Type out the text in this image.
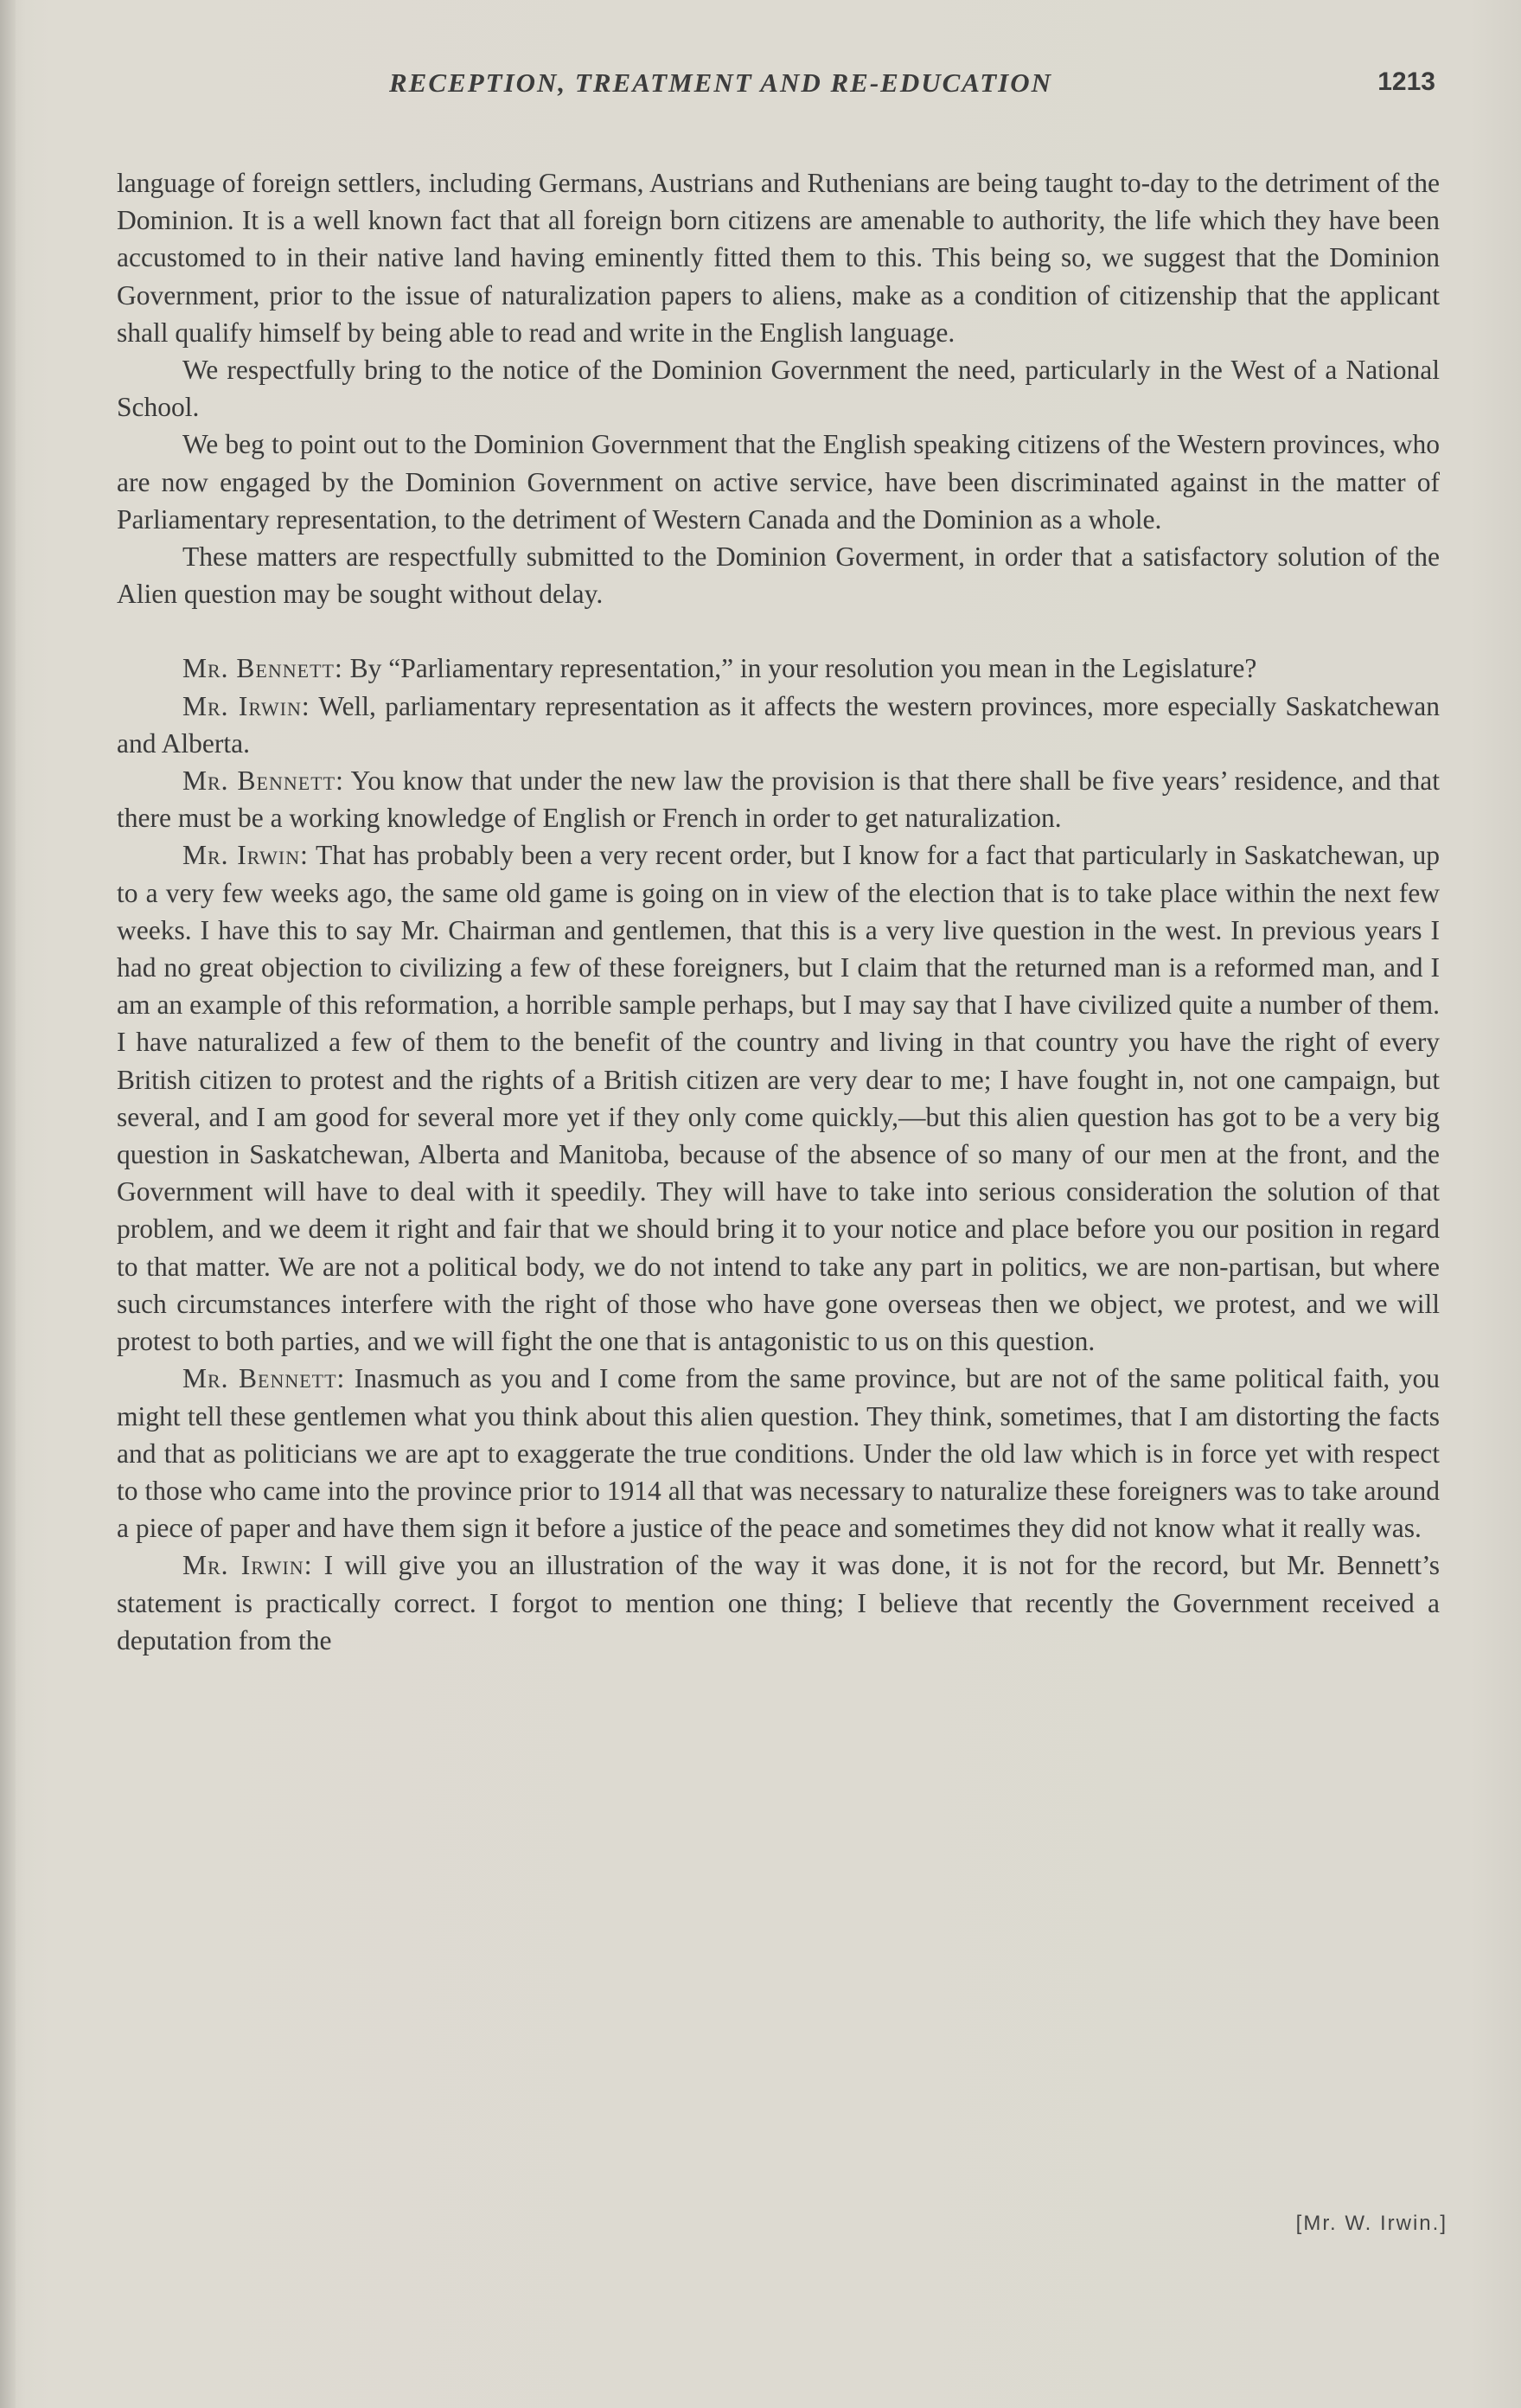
RECEPTION, TREATMENT AND RE-EDUCATION	1213

language of foreign settlers, including Germans, Austrians and Ruthenians are being taught to-day to the detriment of the Dominion. It is a well known fact that all foreign born citizens are amenable to authority, the life which they have been accustomed to in their native land having eminently fitted them to this. This being so, we suggest that the Dominion Government, prior to the issue of naturalization papers to aliens, make as a condition of citizenship that the applicant shall qualify himself by being able to read and write in the English language.

We respectfully bring to the notice of the Dominion Government the need, particularly in the West of a National School.

We beg to point out to the Dominion Government that the English speaking citizens of the Western provinces, who are now engaged by the Dominion Government on active service, have been discriminated against in the matter of Parliamentary representation, to the detriment of Western Canada and the Dominion as a whole.

These matters are respectfully submitted to the Dominion Goverment, in order that a satisfactory solution of the Alien question may be sought without delay.

Mr. Bennett: By “Parliamentary representation,” in your resolution you mean in the Legislature?

Mr. Irwin: Well, parliamentary representation as it affects the western provinces, more especially Saskatchewan and Alberta.

Mr. Bennett: You know that under the new law the provision is that there shall be five years’ residence, and that there must be a working knowledge of English or French in order to get naturalization.

Mr. Irwin: That has probably been a very recent order, but I know for a fact that particularly in Saskatchewan, up to a very few weeks ago, the same old game is going on in view of the election that is to take place within the next few weeks. I have this to say Mr. Chairman and gentlemen, that this is a very live question in the west. In previous years I had no great objection to civilizing a few of these foreigners, but I claim that the returned man is a reformed man, and I am an example of this reformation, a horrible sample perhaps, but I may say that I have civilized quite a number of them. I have naturalized a few of them to the benefit of the country and living in that country you have the right of every British citizen to protest and the rights of a British citizen are very dear to me; I have fought in, not one campaign, but several, and I am good for several more yet if they only come quickly,—but this alien question has got to be a very big question in Saskatchewan, Alberta and Manitoba, because of the absence of so many of our men at the front, and the Government will have to deal with it speedily. They will have to take into serious consideration the solution of that problem, and we deem it right and fair that we should bring it to your notice and place before you our position in regard to that matter. We are not a political body, we do not intend to take any part in politics, we are non-partisan, but where such circumstances interfere with the right of those who have gone overseas then we object, we protest, and we will protest to both parties, and we will fight the one that is antagonistic to us on this question.

Mr. Bennett: Inasmuch as you and I come from the same province, but are not of the same political faith, you might tell these gentlemen what you think about this alien question. They think, sometimes, that I am distorting the facts and that as politicians we are apt to exaggerate the true conditions. Under the old law which is in force yet with respect to those who came into the province prior to 1914 all that was necessary to naturalize these foreigners was to take around a piece of paper and have them sign it before a justice of the peace and sometimes they did not know what it really was.

Mr. Irwin: I will give you an illustration of the way it was done, it is not for the record, but Mr. Bennett’s statement is practically correct. I forgot to mention one thing; I believe that recently the Government received a deputation from the

[Mr. W. Irwin.]
